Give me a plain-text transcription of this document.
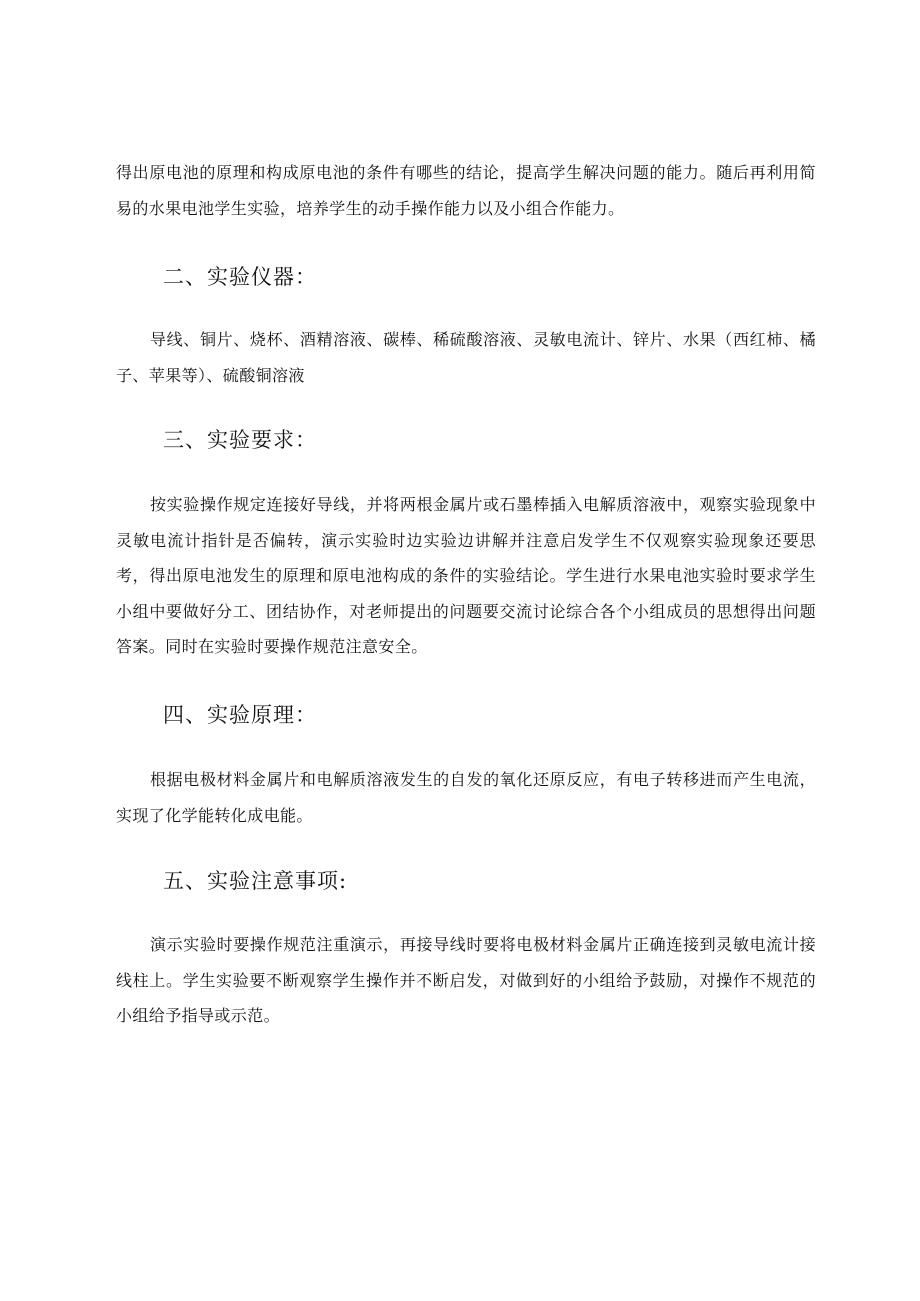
得出原电池的原理和构成原电池的条件有哪些的结论，提高学生解决问题的能力。随后再利用简易的水果电池学生实验，培养学生的动手操作能力以及小组合作能力。

二、实验仪器：

导线、铜片、烧杯、酒精溶液、碳棒、稀硫酸溶液、灵敏电流计、锌片、水果（西红柿、橘子、苹果等）、硫酸铜溶液

三、实验要求：

按实验操作规定连接好导线，并将两根金属片或石墨棒插入电解质溶液中，观察实验现象中灵敏电流计指针是否偏转，演示实验时边实验边讲解并注意启发学生不仅观察实验现象还要思考，得出原电池发生的原理和原电池构成的条件的实验结论。学生进行水果电池实验时要求学生小组中要做好分工、团结协作，对老师提出的问题要交流讨论综合各个小组成员的思想得出问题答案。同时在实验时要操作规范注意安全。

四、实验原理：

根据电极材料金属片和电解质溶液发生的自发的氧化还原反应，有电子转移进而产生电流，实现了化学能转化成电能。

五、实验注意事项:

演示实验时要操作规范注重演示，再接导线时要将电极材料金属片正确连接到灵敏电流计接线柱上。学生实验要不断观察学生操作并不断启发，对做到好的小组给予鼓励，对操作不规范的小组给予指导或示范。
